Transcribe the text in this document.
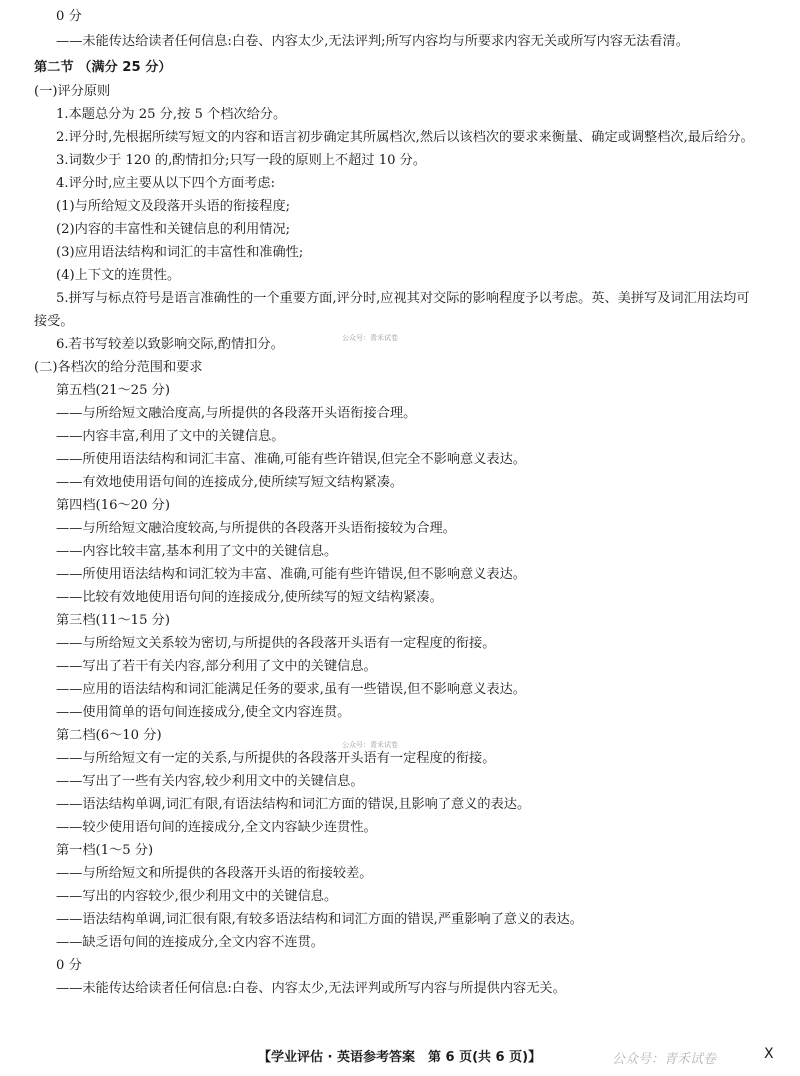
0 分
——未能传达给读者任何信息:白卷、内容太少,无法评判;所写内容均与所要求内容无关或所写内容无法看清。
第二节 （满分 25 分）
(一)评分原则
1.本题总分为 25 分,按 5 个档次给分。
2.评分时,先根据所续写短文的内容和语言初步确定其所属档次,然后以该档次的要求来衡量、确定或调整档次,最后给分。
3.词数少于 120 的,酌情扣分;只写一段的原则上不超过 10 分。
4.评分时,应主要从以下四个方面考虑:
(1)与所给短文及段落开头语的衔接程度;
(2)内容的丰富性和关键信息的利用情况;
(3)应用语法结构和词汇的丰富性和准确性;
(4)上下文的连贯性。
5.拼写与标点符号是语言准确性的一个重要方面,评分时,应视其对交际的影响程度予以考虑。英、美拼写及词汇用法均可
接受。
6.若书写较差以致影响交际,酌情扣分。
(二)各档次的给分范围和要求
第五档(21～25 分)
——与所给短文融洽度高,与所提供的各段落开头语衔接合理。
——内容丰富,利用了文中的关键信息。
——所使用语法结构和词汇丰富、准确,可能有些许错误,但完全不影响意义表达。
——有效地使用语句间的连接成分,使所续写短文结构紧凑。
第四档(16～20 分)
——与所给短文融洽度较高,与所提供的各段落开头语衔接较为合理。
——内容比较丰富,基本利用了文中的关键信息。
——所使用语法结构和词汇较为丰富、准确,可能有些许错误,但不影响意义表达。
——比较有效地使用语句间的连接成分,使所续写的短文结构紧凑。
第三档(11～15 分)
——与所给短文关系较为密切,与所提供的各段落开头语有一定程度的衔接。
——写出了若干有关内容,部分利用了文中的关键信息。
——应用的语法结构和词汇能满足任务的要求,虽有一些错误,但不影响意义表达。
——使用简单的语句间连接成分,使全文内容连贯。
第二档(6～10 分)
——与所给短文有一定的关系,与所提供的各段落开头语有一定程度的衔接。
——写出了一些有关内容,较少利用文中的关键信息。
——语法结构单调,词汇有限,有语法结构和词汇方面的错误,且影响了意义的表达。
——较少使用语句间的连接成分,全文内容缺少连贯性。
第一档(1～5 分)
——与所给短文和所提供的各段落开头语的衔接较差。
——写出的内容较少,很少利用文中的关键信息。
——语法结构单调,词汇很有限,有较多语法结构和词汇方面的错误,严重影响了意义的表达。
——缺乏语句间的连接成分,全文内容不连贯。
0 分
——未能传达给读者任何信息:白卷、内容太少,无法评判或所写内容与所提供内容无关。
公众号：青禾试卷
公众号：青禾试卷
【学业评估 · 英语参考答案　第 6 页(共 6 页)】	公众号：青禾试卷	X
